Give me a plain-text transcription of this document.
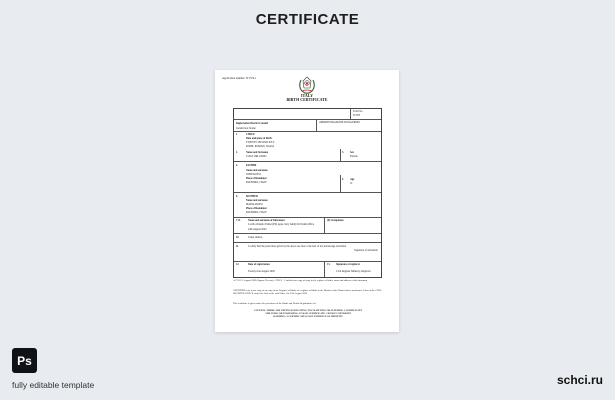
CERTIFICATE
Application number: IT1574-1
ITALY
BIRTH CERTIFICATE
Form No.
IT-678
Registration District Council
Jurisdiction: Rome
AMMINISTRAZIONE DI PALERMO
1.	CHILD
Date and place of birth:
TWENTY SECOND JULY
ROME, ROMAN, ITALIA
2.	Name and Surname
LUIGI ORLANDO
3. Sex
Female
4.	FATHER
Name and surname
JOHN ROSSI
Place of Residence:
PALERMO, ITALY
5. Age
31
6.	MOTHER
Name and surname
MARIA ROSSI
Place of Residence:
PALERMO, ITALY
7./8.	Name and surname of Informant
Cecilia Orlando Father (Ptf) Apps, Italy family Rt Parish Office
24th August 2020
(9) Occupation
10.	Usual address
11.	I certify that the particulars given by me above are true to the best of my knowledge and belief
Signature of informant
12.	Date of registration
Twenty-four August 2020
13. Signature of registrar
Civil Register Ministry, Registrar
ACT OF 1 August 1989 (Oppose Decreto) - ITALY - Certified true copy of entry in the register of births, name and address of the informant
CERTIFIED to be a true copy of an entry in the Register of Births of a register of Births in the District of the District above mentioned. Given at the CIVIL REGISTER OFFICE, under the Seal of the said Office, the 27th August 2020
This certificate is given under the provisions of the Births and Deaths Registration Act
CAUTION: THERE ARE OFFENCES RELATING TO FALSIFYING OR ALTERING A CERTIFICATE
AND USING OR POSSESSING A FALSE CERTIFICATE. CROWN COPYRIGHT
WARNING: A CERTIFICATE IS NOT EVIDENCE OF IDENTITY
Ps
fully editable template	schci.ru
